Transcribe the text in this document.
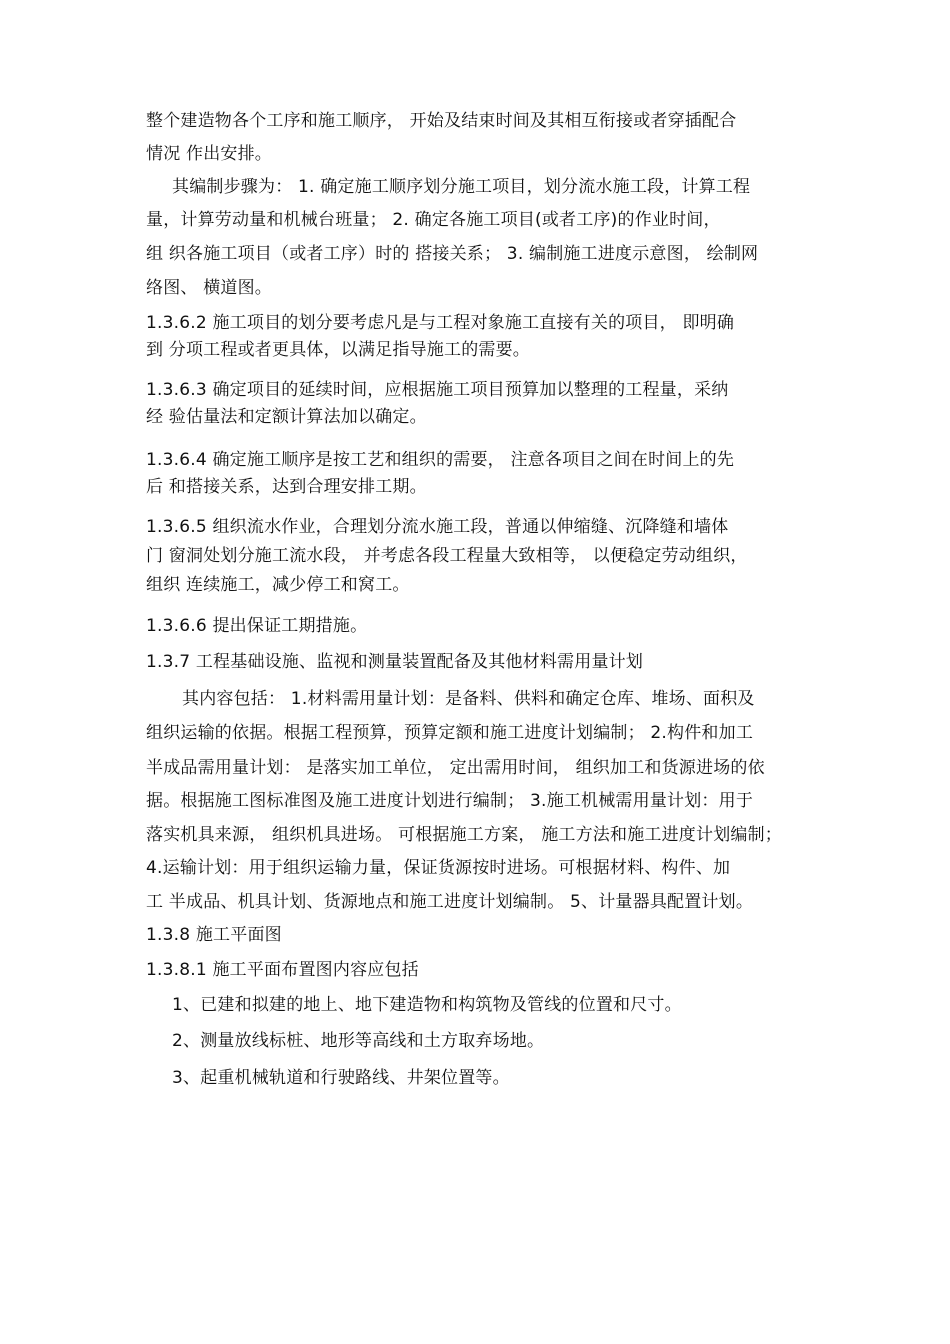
整个建造物各个工序和施工顺序， 开始及结束时间及其相互衔接或者穿插配合
情况 作出安排。
其编制步骤为： 1. 确定施工顺序划分施工项目，划分流水施工段，计算工程
量，计算劳动量和机械台班量； 2. 确定各施工项目(或者工序)的作业时间，
组 织各施工项目（或者工序）时的 搭接关系； 3. 编制施工进度示意图， 绘制网
络图、 横道图。
1.3.6.2 施工项目的划分要考虑凡是与工程对象施工直接有关的项目， 即明确
到 分项工程或者更具体，以满足指导施工的需要。
1.3.6.3 确定项目的延续时间，应根据施工项目预算加以整理的工程量，采纳
经 验估量法和定额计算法加以确定。
1.3.6.4 确定施工顺序是按工艺和组织的需要， 注意各项目之间在时间上的先
后 和搭接关系，达到合理安排工期。
1.3.6.5 组织流水作业，合理划分流水施工段，普通以伸缩缝、沉降缝和墙体
门 窗洞处划分施工流水段， 并考虑各段工程量大致相等， 以便稳定劳动组织，
组织 连续施工，减少停工和窝工。
1.3.6.6 提出保证工期措施。
1.3.7 工程基础设施、监视和测量装置配备及其他材料需用量计划
其内容包括： 1.材料需用量计划：是备料、供料和确定仓库、堆场、面积及
组织运输的依据。根据工程预算，预算定额和施工进度计划编制； 2.构件和加工
半成品需用量计划： 是落实加工单位， 定出需用时间， 组织加工和货源进场的依
据。根据施工图标准图及施工进度计划进行编制； 3.施工机械需用量计划：用于
落实机具来源， 组织机具进场。 可根据施工方案， 施工方法和施工进度计划编制；
4.运输计划：用于组织运输力量，保证货源按时进场。可根据材料、构件、加
工 半成品、机具计划、货源地点和施工进度计划编制。 5、计量器具配置计划。
1.3.8 施工平面图
1.3.8.1 施工平面布置图内容应包括
1、已建和拟建的地上、地下建造物和构筑物及管线的位置和尺寸。
2、测量放线标桩、地形等高线和土方取弃场地。
3、起重机械轨道和行驶路线、井架位置等。
